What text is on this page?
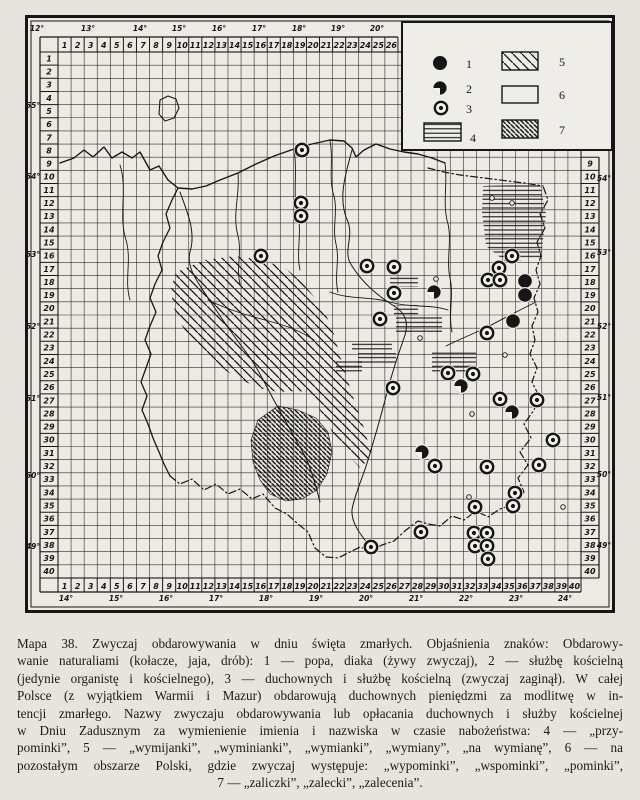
1 2 3 4 5 6 7 8 9 10 11 12 13 14 15 16 17 18 19 20 21 22 23 24 25 26
1 2 3 4 5 6 7 8 9 10 11 12 13 14 15 16 17 18 19 20 21 22 23 24 25 26 27 28 29 30 31 32 33 34 35 36 37 38 39 40
1
2
3
4
5
6
7
8
9
10
11
12
13
14
15
16
17
18
19
20
21
22
23
24
25
26
27
28
29
30
31
32
33
34
35
36
37
38
39
40
9
10
11
12
13
14
15
16
17
18
19
20
21
22
23
24
25
26
27
28
29
30
31
32
33
34
35
36
37
38
39
40
12°	13°	14°	15°	16°	17°	18°	19°	20°
14°	15°	16°	17°	18°	19°	20°	21°	22°	23°	24°
55°
54°
53°
52°
51°
50°
49°
54°
53°
52°
51°
50°
49°
1
2
3
4
5
6
7
Mapa 38. Zwyczaj obdarowywania w dniu święta zmarłych. Objaśnienia znaków: Obdarowy-
wanie naturaliami (kołacze, jaja, drób): 1 — popa, diaka (żywy zwyczaj), 2 — służbę kościelną
(jedynie organistę i kościelnego), 3 — duchownych i służbę kościelną (zwyczaj zaginął). W całej
Polsce (z wyjątkiem Warmii i Mazur) obdarowują duchownych pieniędzmi za modlitwę w in-
tencji zmarłego. Nazwy zwyczaju obdarowywania lub opłacania duchownych i służby kościelnej
w Dniu Zadusznym za wymienienie imienia i nazwiska w czasie nabożeństwa: 4 — „przy-
pominki”, 5 — „wymijanki”, „wyminianki”, „wymianki”, „wymiany”, „na wymianę”, 6 — na
pozostałym obszarze Polski, gdzie zwyczaj występuje: „wypominki”, „wspominki”, „pominki”,
7 — „zaliczki”, „zalecki”, „zalecenia”.
